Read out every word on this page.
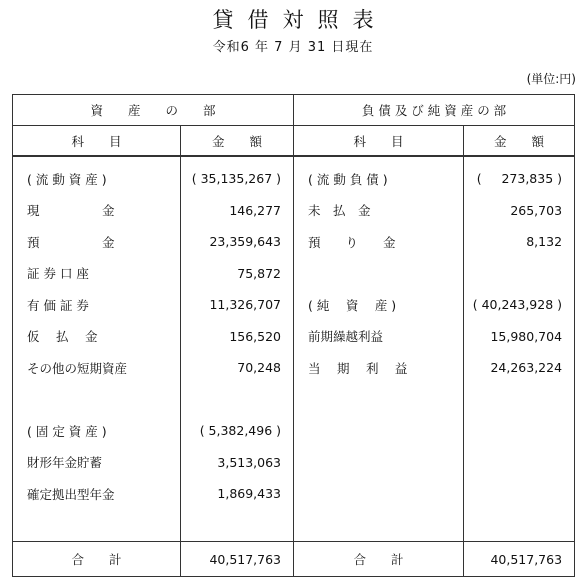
貸借対照表
令和6 年 7 月 31 日現在
(単位:円)
資　　産　　の　　部		負 債 及 び 純 資 産 の 部	
科　　目	金　　額	科　　目	金　　額
( 流 動 資 産 )	( 35,135,267 )	( 流 動 負 債 )	(     273,835 )
現　　　　　金	146,277	未　払　金	265,703
預　　　　　金	23,359,643	預　　り　　金	8,132
証 券 口 座	75,872		
有 価 証 券	11,326,707	( 純　 資　 産 )	( 40,243,928 )
仮　 払　 金	156,520	前期繰越利益	15,980,704
その他の短期資産	70,248	当　 期　 利　 益	24,263,224

( 固 定 資 産 )	( 5,382,496 )		
財形年金貯蓄	3,513,063		
確定拠出型年金	1,869,433		

合　　計	40,517,763	合　　計	40,517,763
